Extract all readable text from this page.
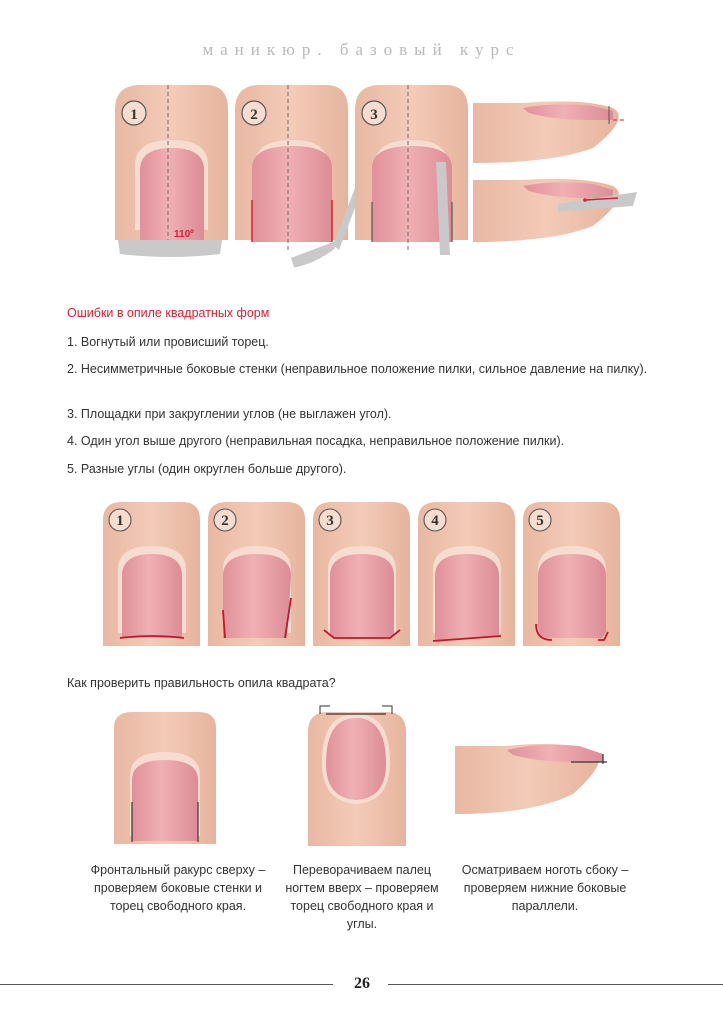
маникюр. базовый курс
110º
1	2	3
Ошибки в опиле квадратных форм
1. Вогнутый или провисший торец.
2. Несимметричные боковые стенки (неправильное положение пилки, сильное давление на пилку).
3. Площадки при закруглении углов (не выглажен угол).
4. Один угол выше другого (неправильная посадка, неправильное положение пилки).
5. Разные углы (один округлен больше другого).
1	2	3	4	5
Как проверить правильность опила квадрата?
Фронтальный ракурс сверху – проверяем боковые стенки и торец свободного края.
Переворачиваем палец ногтем вверх – проверяем торец свободного края и углы.
Осматриваем ноготь сбоку – проверяем нижние боковые параллели.
26
